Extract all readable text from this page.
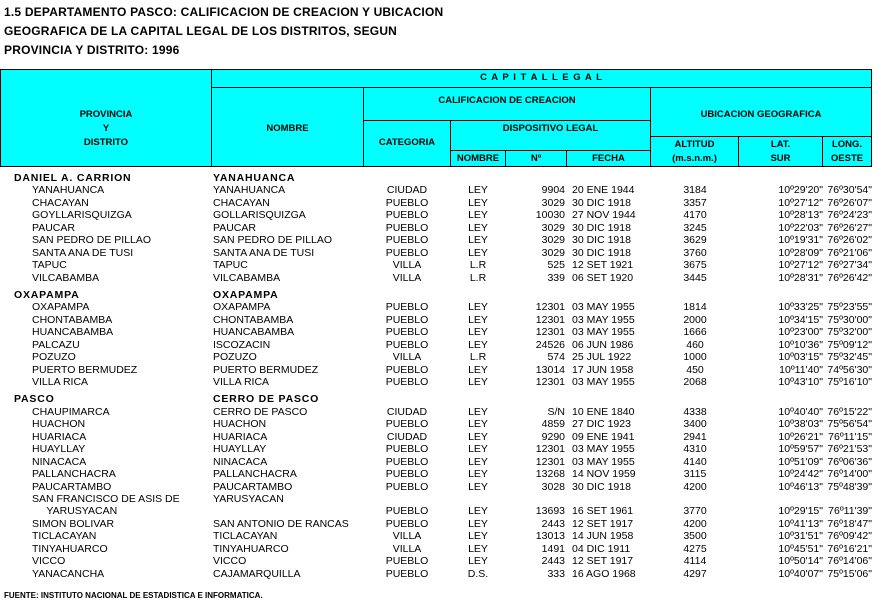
1.5 DEPARTAMENTO PASCO: CALIFICACION DE CREACION Y UBICACION
GEOGRAFICA DE LA CAPITAL LEGAL DE LOS DISTRITOS, SEGUN
PROVINCIA Y DISTRITO: 1996
PROVINCIA
Y
DISTRITO
C A P I T A L L E G A L
NOMBRE
CALIFICACION DE CREACION
CATEGORIA
DISPOSITIVO LEGAL
NOMBRE	Nº	FECHA
UBICACION GEOGRAFICA
ALTITUD
(m.s.n.m.)
LAT.
SUR
LONG.
OESTE
DANIEL A. CARRION	YANAHUANCA
YANAHUANCA	YANAHUANCA	CIUDAD	LEY	9904 20 ENE 1944	3184	10º29'20" 76º30'54"
CHACAYAN	CHACAYAN	PUEBLO	LEY	3029 30 DIC 1918	3357	10º27'12" 76º26'07"
GOYLLARISQUIZGA	GOLLARISQUIZGA	PUEBLO	LEY	10030 27 NOV 1944	4170	10º28'13" 76º24'23"
PAUCAR	PAUCAR	PUEBLO	LEY	3029 30 DIC 1918	3245	10º22'03" 76º26'27"
SAN PEDRO DE PILLAO	SAN PEDRO DE PILLAO	PUEBLO	LEY	3029 30 DIC 1918	3629	10º19'31" 76º26'02"
SANTA ANA DE TUSI	SANTA ANA DE TUSI	PUEBLO	LEY	3029 30 DIC 1918	3760	10º28'09" 76º21'06"
TAPUC	TAPUC	VILLA	L.R	525 12 SET 1921	3675	10º27'12" 76º27'34"
VILCABAMBA	VILCABAMBA	VILLA	L.R	339 06 SET 1920	3445	10º28'31" 76º26'42"
OXAPAMPA	OXAPAMPA
OXAPAMPA	OXAPAMPA	PUEBLO	LEY	12301 03 MAY 1955	1814	10º33'25" 75º23'55"
CHONTABAMBA	CHONTABAMBA	PUEBLO	LEY	12301 03 MAY 1955	2000	10º34'15" 75º30'00"
HUANCABAMBA	HUANCABAMBA	PUEBLO	LEY	12301 03 MAY 1955	1666	10º23'00" 75º32'00"
PALCAZU	ISCOZACIN	PUEBLO	LEY	24526 06 JUN 1986	460	10º10'36" 75º09'12"
POZUZO	POZUZO	VILLA	L.R	574 25 JUL 1922	1000	10º03'15" 75º32'45"
PUERTO BERMUDEZ	PUERTO BERMUDEZ	PUEBLO	LEY	13014 17 JUN 1958	450	10º11'40" 74º56'30"
VILLA RICA	VILLA RICA	PUEBLO	LEY	12301 03 MAY 1955	2068	10º43'10" 75º16'10"
PASCO	CERRO DE PASCO
CHAUPIMARCA	CERRO DE PASCO	CIUDAD	LEY	S/N 10 ENE 1840	4338	10º40'40" 76º15'22"
HUACHON	HUACHON	PUEBLO	LEY	4859 27 DIC 1923	3400	10º38'03" 75º56'54"
HUARIACA	HUARIACA	CIUDAD	LEY	9290 09 ENE 1941	2941	10º26'21" 76º11'15"
HUAYLLAY	HUAYLLAY	PUEBLO	LEY	12301 03 MAY 1955	4310	10º59'57" 76º21'53"
NINACACA	NINACACA	PUEBLO	LEY	12301 03 MAY 1955	4140	10º51'09" 76º06'36"
PALLANCHACRA	PALLANCHACRA	PUEBLO	LEY	13268 14 NOV 1959	3115	10º24'42" 76º14'00"
PAUCARTAMBO	PAUCARTAMBO	PUEBLO	LEY	3028 30 DIC 1918	4200	10º46'13" 75º48'39"
SAN FRANCISCO DE ASIS DE	YARUSYACAN
YARUSYACAN	PUEBLO	LEY	13693 16 SET 1961	3770	10º29'15" 76º11'39"
SIMON BOLIVAR	SAN ANTONIO DE RANCAS	PUEBLO	LEY	2443 12 SET 1917	4200	10º41'13" 76º18'47"
TICLACAYAN	TICLACAYAN	VILLA	LEY	13013 14 JUN 1958	3500	10º31'51" 76º09'42"
TINYAHUARCO	TINYAHUARCO	VILLA	LEY	1491 04 DIC 1911	4275	10º45'51" 76º16'21"
VICCO	VICCO	PUEBLO	LEY	2443 12 SET 1917	4114	10º50'14" 76º14'06"
YANACANCHA	CAJAMARQUILLA	PUEBLO	D.S.	333 16 AGO 1968	4297	10º40'07" 75º15'06"
FUENTE: INSTITUTO NACIONAL DE ESTADISTICA E INFORMATICA.
